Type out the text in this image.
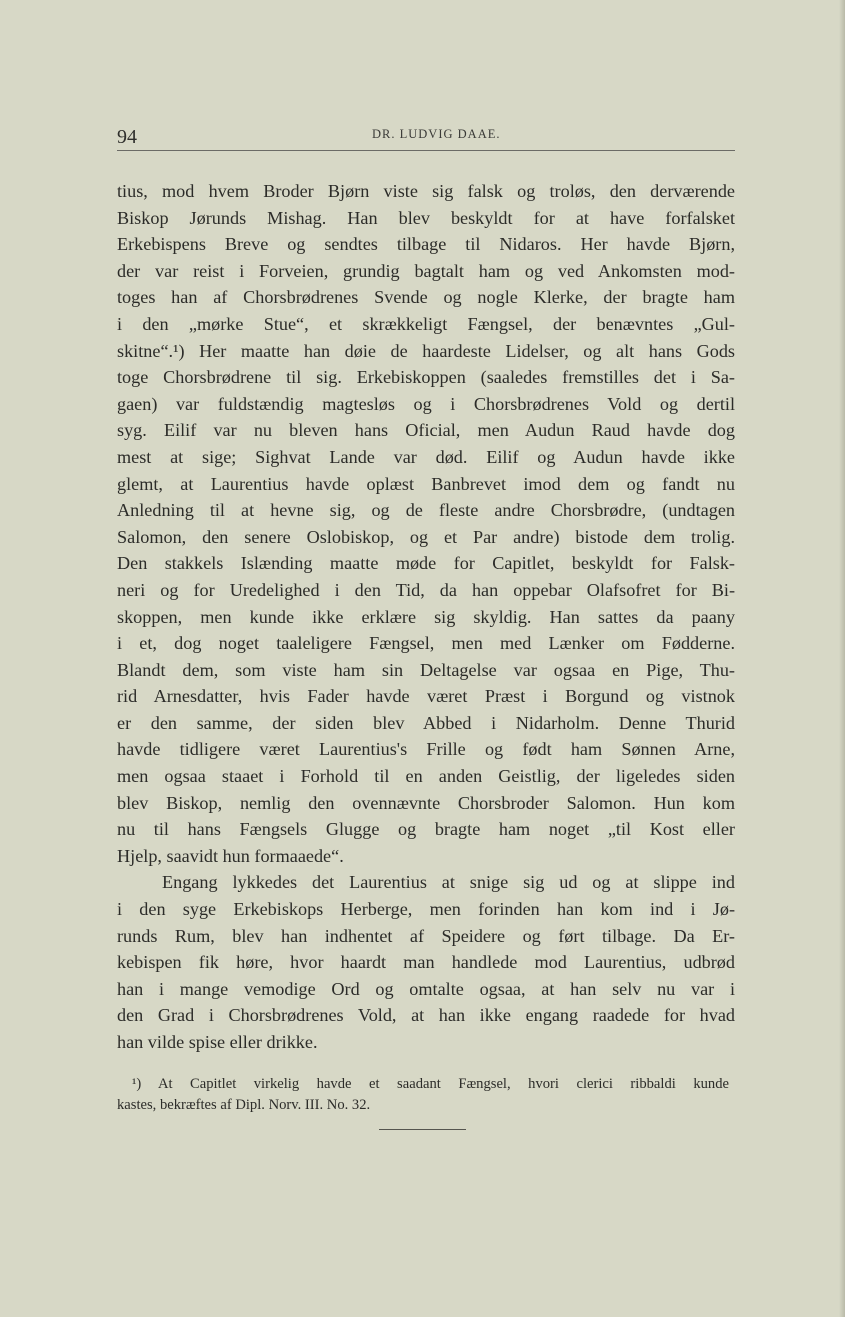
94	DR. LUDVIG DAAE.
tius, mod hvem Broder Bjørn viste sig falsk og troløs, den derværende
Biskop Jørunds Mishag. Han blev beskyldt for at have forfalsket
Erkebispens Breve og sendtes tilbage til Nidaros. Her havde Bjørn,
der var reist i Forveien, grundig bagtalt ham og ved Ankomsten mod-
toges han af Chorsbrødrenes Svende og nogle Klerke, der bragte ham
i den „mørke Stue“, et skrækkeligt Fængsel, der benævntes „Gul-
skitne“.¹) Her maatte han døie de haardeste Lidelser, og alt hans Gods
toge Chorsbrødrene til sig. Erkebiskoppen (saaledes fremstilles det i Sa-
gaen) var fuldstændig magtesløs og i Chorsbrødrenes Vold og dertil
syg. Eilif var nu bleven hans Oficial, men Audun Raud havde dog
mest at sige; Sighvat Lande var død. Eilif og Audun havde ikke
glemt, at Laurentius havde oplæst Banbrevet imod dem og fandt nu
Anledning til at hevne sig, og de fleste andre Chorsbrødre, (undtagen
Salomon, den senere Oslobiskop, og et Par andre) bistode dem trolig.
Den stakkels Islænding maatte møde for Capitlet, beskyldt for Falsk-
neri og for Uredelighed i den Tid, da han oppebar Olafsofret for Bi-
skoppen, men kunde ikke erklære sig skyldig. Han sattes da paany
i et, dog noget taaleligere Fængsel, men med Lænker om Fødderne.
Blandt dem, som viste ham sin Deltagelse var ogsaa en Pige, Thu-
rid Arnesdatter, hvis Fader havde været Præst i Borgund og vistnok
er den samme, der siden blev Abbed i Nidarholm. Denne Thurid
havde tidligere været Laurentius's Frille og født ham Sønnen Arne,
men ogsaa staaet i Forhold til en anden Geistlig, der ligeledes siden
blev Biskop, nemlig den ovennævnte Chorsbroder Salomon. Hun kom
nu til hans Fængsels Glugge og bragte ham noget „til Kost eller
Hjelp, saavidt hun formaaede“.
Engang lykkedes det Laurentius at snige sig ud og at slippe ind
i den syge Erkebiskops Herberge, men forinden han kom ind i Jø-
runds Rum, blev han indhentet af Speidere og ført tilbage. Da Er-
kebispen fik høre, hvor haardt man handlede mod Laurentius, udbrød
han i mange vemodige Ord og omtalte ogsaa, at han selv nu var i
den Grad i Chorsbrødrenes Vold, at han ikke engang raadede for hvad
han vilde spise eller drikke.
¹) At Capitlet virkelig havde et saadant Fængsel, hvori clerici ribbaldi kunde
kastes, bekræftes af Dipl. Norv. III. No. 32.
